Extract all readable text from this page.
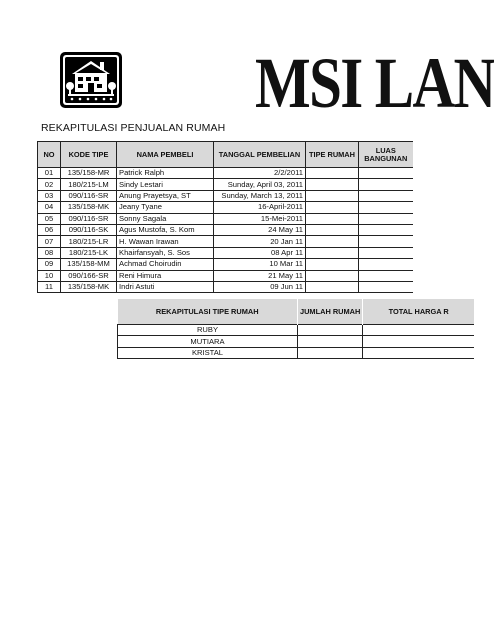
MSI LAN
REKAPITULASI PENJUALAN RUMAH
NO	KODE TIPE	NAMA PEMBELI	TANGGAL PEMBELIAN	TIPE RUMAH	LUAS BANGUNAN
01	135/158-MR	Patrick Ralph	2/2/2011		
02	180/215-LM	Sindy Lestari	Sunday, April 03, 2011		
03	090/116-SR	Anung Prayetsya, ST	Sunday, March 13, 2011		
04	135/158-MK	Jeany Tyane	16-April-2011		
05	090/116-SR	Sonny Sagala	15-Mei-2011		
06	090/116-SK	Agus Mustofa, S. Kom	24 May 11		
07	180/215-LR	H. Wawan Irawan	20 Jan 11		
08	180/215-LK	Khairfansyah, S. Sos	08 Apr 11		
09	135/158-MM	Achmad Choirudin	10 Mar 11		
10	090/166-SR	Reni Himura	21 May 11		
11	135/158-MK	Indri Astuti	09 Jun 11		
REKAPITULASI TIPE RUMAH	JUMLAH RUMAH	TOTAL HARGA R
RUBY		
MUTIARA		
KRISTAL		
